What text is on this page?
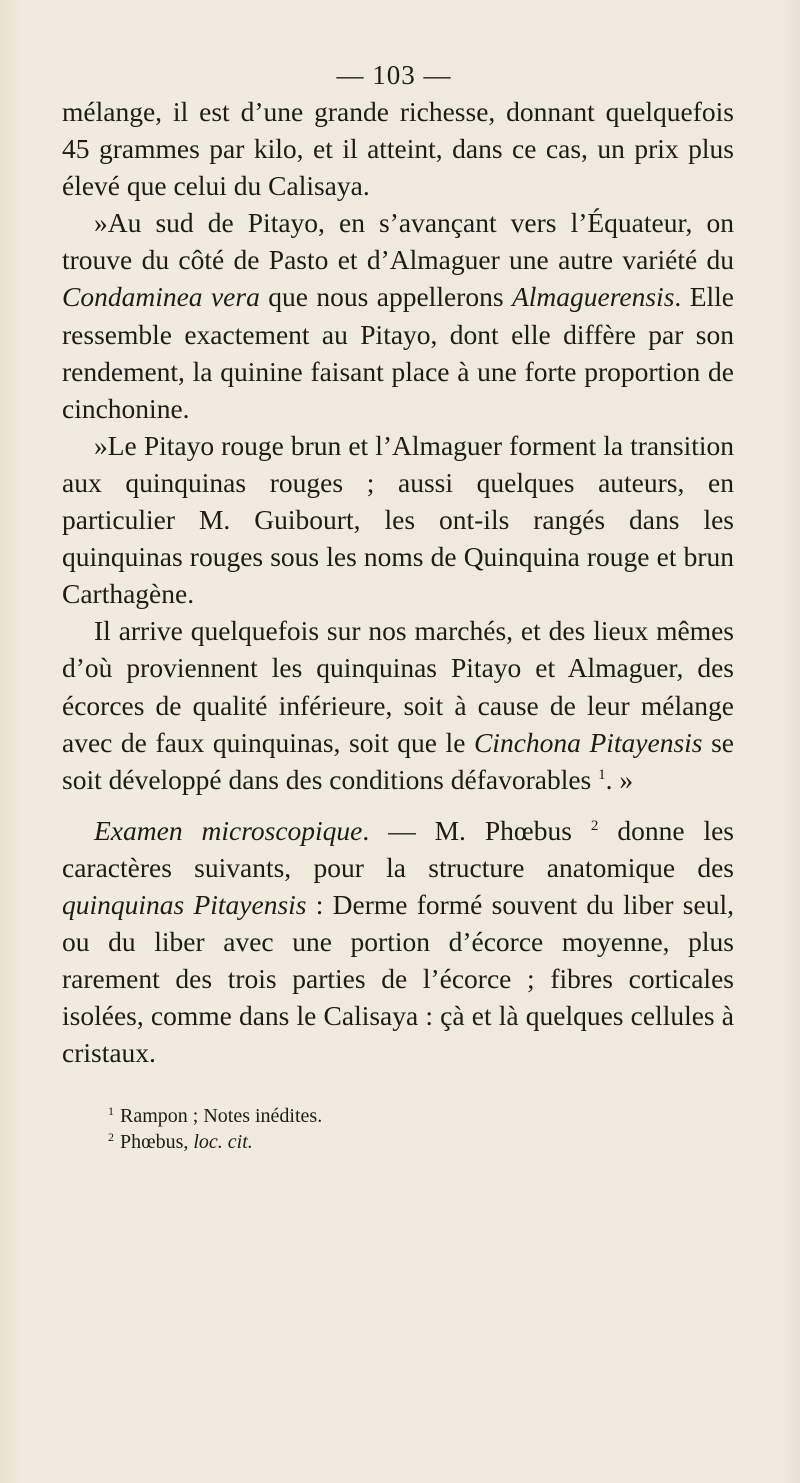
— 103 —

mélange, il est d’une grande richesse, donnant quelquefois 45 grammes par kilo, et il atteint, dans ce cas, un prix plus élevé que celui du Calisaya.

»Au sud de Pitayo, en s’avançant vers l’Équateur, on trouve du côté de Pasto et d’Almaguer une autre variété du Condaminea vera que nous appellerons Almaguerensis. Elle ressemble exactement au Pitayo, dont elle diffère par son rendement, la quinine faisant place à une forte proportion de cinchonine.

»Le Pitayo rouge brun et l’Almaguer forment la transition aux quinquinas rouges ; aussi quelques auteurs, en particulier M. Guibourt, les ont-ils rangés dans les quinquinas rouges sous les noms de Quinquina rouge et brun Carthagène.

Il arrive quelquefois sur nos marchés, et des lieux mêmes d’où proviennent les quinquinas Pitayo et Almaguer, des écorces de qualité inférieure, soit à cause de leur mélange avec de faux quinquinas, soit que le Cinchona Pitayensis se soit développé dans des conditions défavorables $^1$. »

Examen microscopique. — M. Phœbus $^2$ donne les caractères suivants, pour la structure anatomique des quinquinas Pitayensis : Derme formé souvent du liber seul, ou du liber avec une portion d’écorce moyenne, plus rarement des trois parties de l’écorce ; fibres corticales isolées, comme dans le Calisaya : çà et là quelques cellules à cristaux.

$^1$ Rampon ; Notes inédites.

$^2$ Phœbus, loc. cit.
